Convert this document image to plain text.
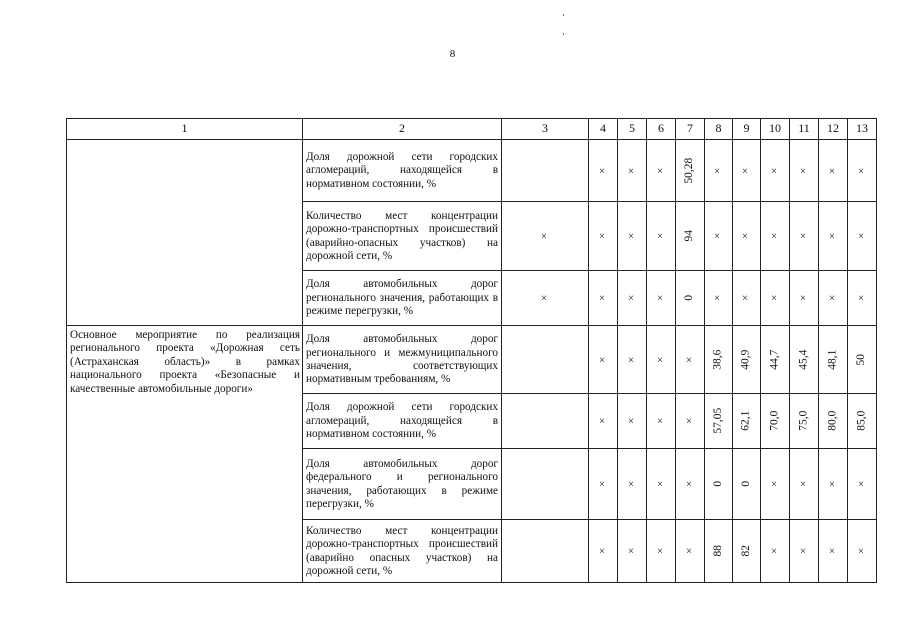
8
1	2	3	4	5	6	7	8	9	10	11	12	13
	Доля дорожной сети городских агломераций, находящейся в нормативном состоянии, %		×	×	×	50,28	×	×	×	×	×	×
	Количество мест концентрации дорожно-транспортных происшествий (аварийно-опасных участков) на дорожной сети, %	×	×	×	×	94	×	×	×	×	×	×
	Доля автомобильных дорог регионального значения, работающих в режиме перегрузки, %	×	×	×	×	0	×	×	×	×	×	×
Основное мероприятие по реализация регионального проекта «Дорожная сеть (Астраханская область)» в рамках национального проекта «Безопасные и качественные автомобильные дороги»	Доля автомобильных дорог регионального и межмуниципального значения, соответствующих нормативным требованиям, %		×	×	×	×	38,6	40,9	44,7	45,4	48,1	50
	Доля дорожной сети городских агломераций, находящейся в нормативном состоянии, %		×	×	×	×	57,05	62,1	70,0	75,0	80,0	85,0
	Доля автомобильных дорог федерального и регионального значения, работающих в режиме перегрузки, %		×	×	×	×	0	0	×	×	×	×
	Количество мест концентрации дорожно-транспортных происшествий (аварийно опасных участков) на дорожной сети, %		×	×	×	×	88	82	×	×	×	×
